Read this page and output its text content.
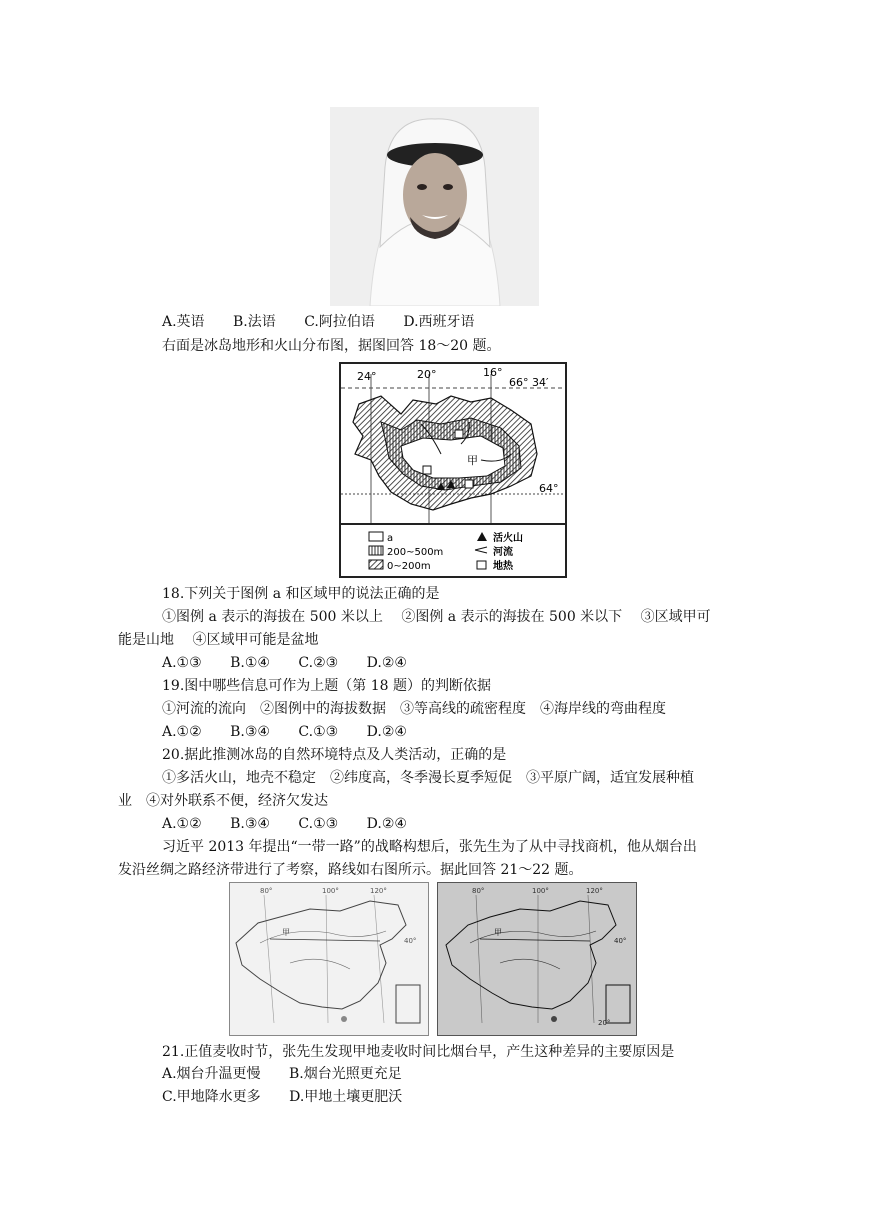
A.英语 B.法语 C.阿拉伯语 D.西班牙语
右面是冰岛地形和火山分布图，据图回答 18～20 题。
24°	20°	16°
66° 34′
64°
甲
a
200~500m
0~200m
活火山
河流
地热
18.下列关于图例 a 和区域甲的说法正确的是
①图例 a 表示的海拔在 500 米以上　 ②图例 a 表示的海拔在 500 米以下　 ③区域甲可
能是山地　 ④区域甲可能是盆地
A.①③ B.①④ C.②③ D.②④
19.图中哪些信息可作为上题（第 18 题）的判断依据
①河流的流向　②图例中的海拔数据　③等高线的疏密程度　④海岸线的弯曲程度
A.①② B.③④ C.①③ D.②④
20.据此推测冰岛的自然环境特点及人类活动，正确的是
①多活火山，地壳不稳定　②纬度高，冬季漫长夏季短促　③平原广阔，适宜发展种植
业　④对外联系不便，经济欠发达
A.①② B.③④ C.①③ D.②④
习近平 2013 年提出“一带一路”的战略构想后，张先生为了从中寻找商机，他从烟台出
发沿丝绸之路经济带进行了考察，路线如右图所示。据此回答 21～22 题。
80°	100°	120°
40°
甲
80°	100°	120°
40°
甲
20°
21.正值麦收时节，张先生发现甲地麦收时间比烟台早，产生这种差异的主要原因是
A.烟台升温更慢 B.烟台光照更充足
C.甲地降水更多 D.甲地土壤更肥沃
